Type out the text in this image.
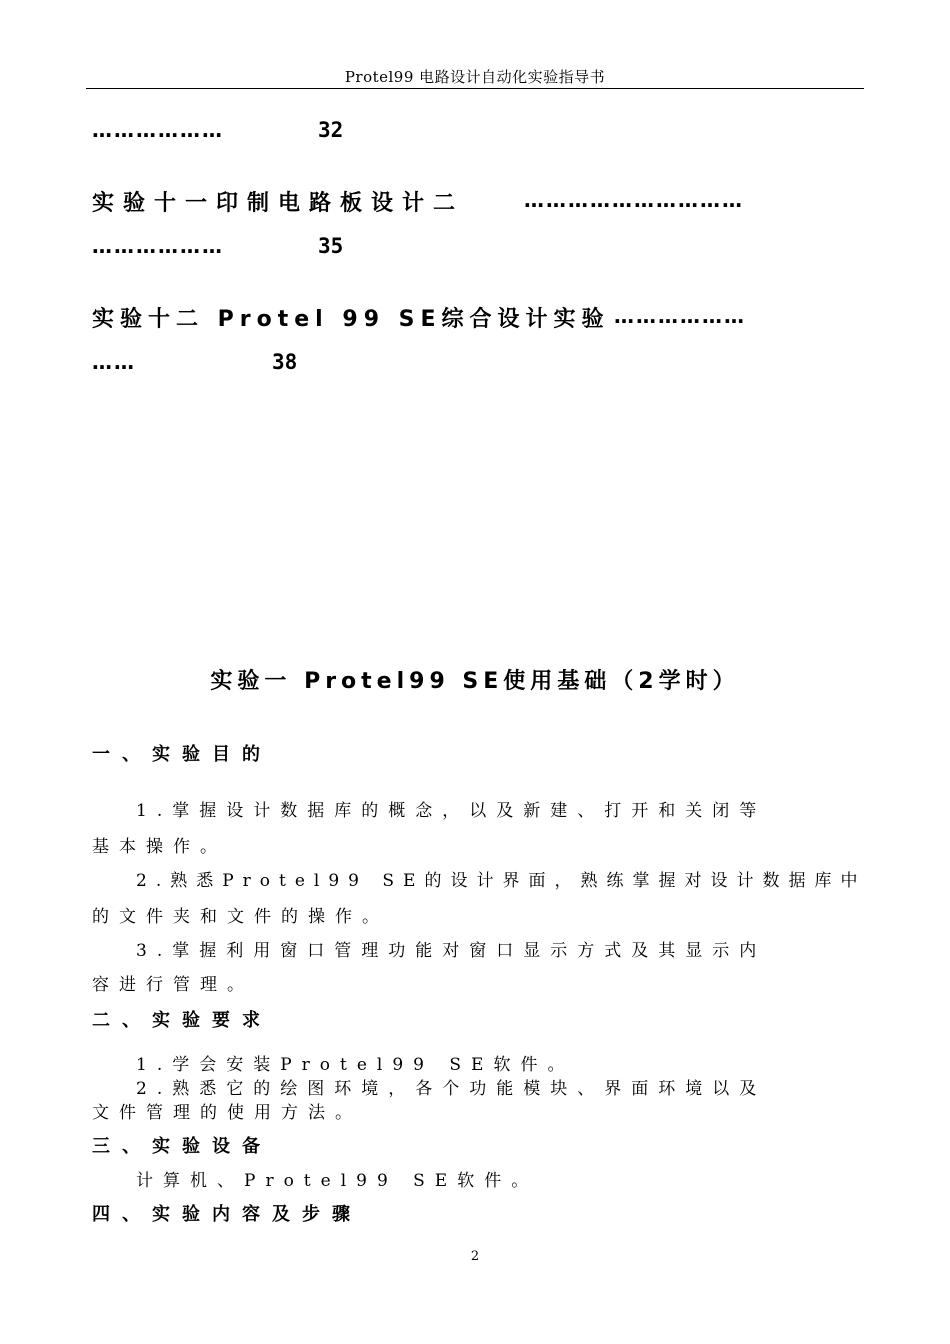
Protel99 电路设计自动化实验指导书
………………	32
实验十一印制电路板设计二	…………………………
………………	35
实验十二 Protel 99 SE综合设计实验 ………………
……	38
实验一 Protel99 SE使用基础（2学时）
一、实验目的
1.掌握设计数据库的概念，以及新建、打开和关闭等
基本操作。
2.熟悉Protel99 SE的设计界面，熟练掌握对设计数据库中
的文件夹和文件的操作。
3.掌握利用窗口管理功能对窗口显示方式及其显示内
容进行管理。
二、实验要求
1.学会安装Protel99 SE软件。
2.熟悉它的绘图环境，各个功能模块、界面环境以及
文件管理的使用方法。
三、实验设备
计算机、Protel99 SE软件。
四、实验内容及步骤
2
